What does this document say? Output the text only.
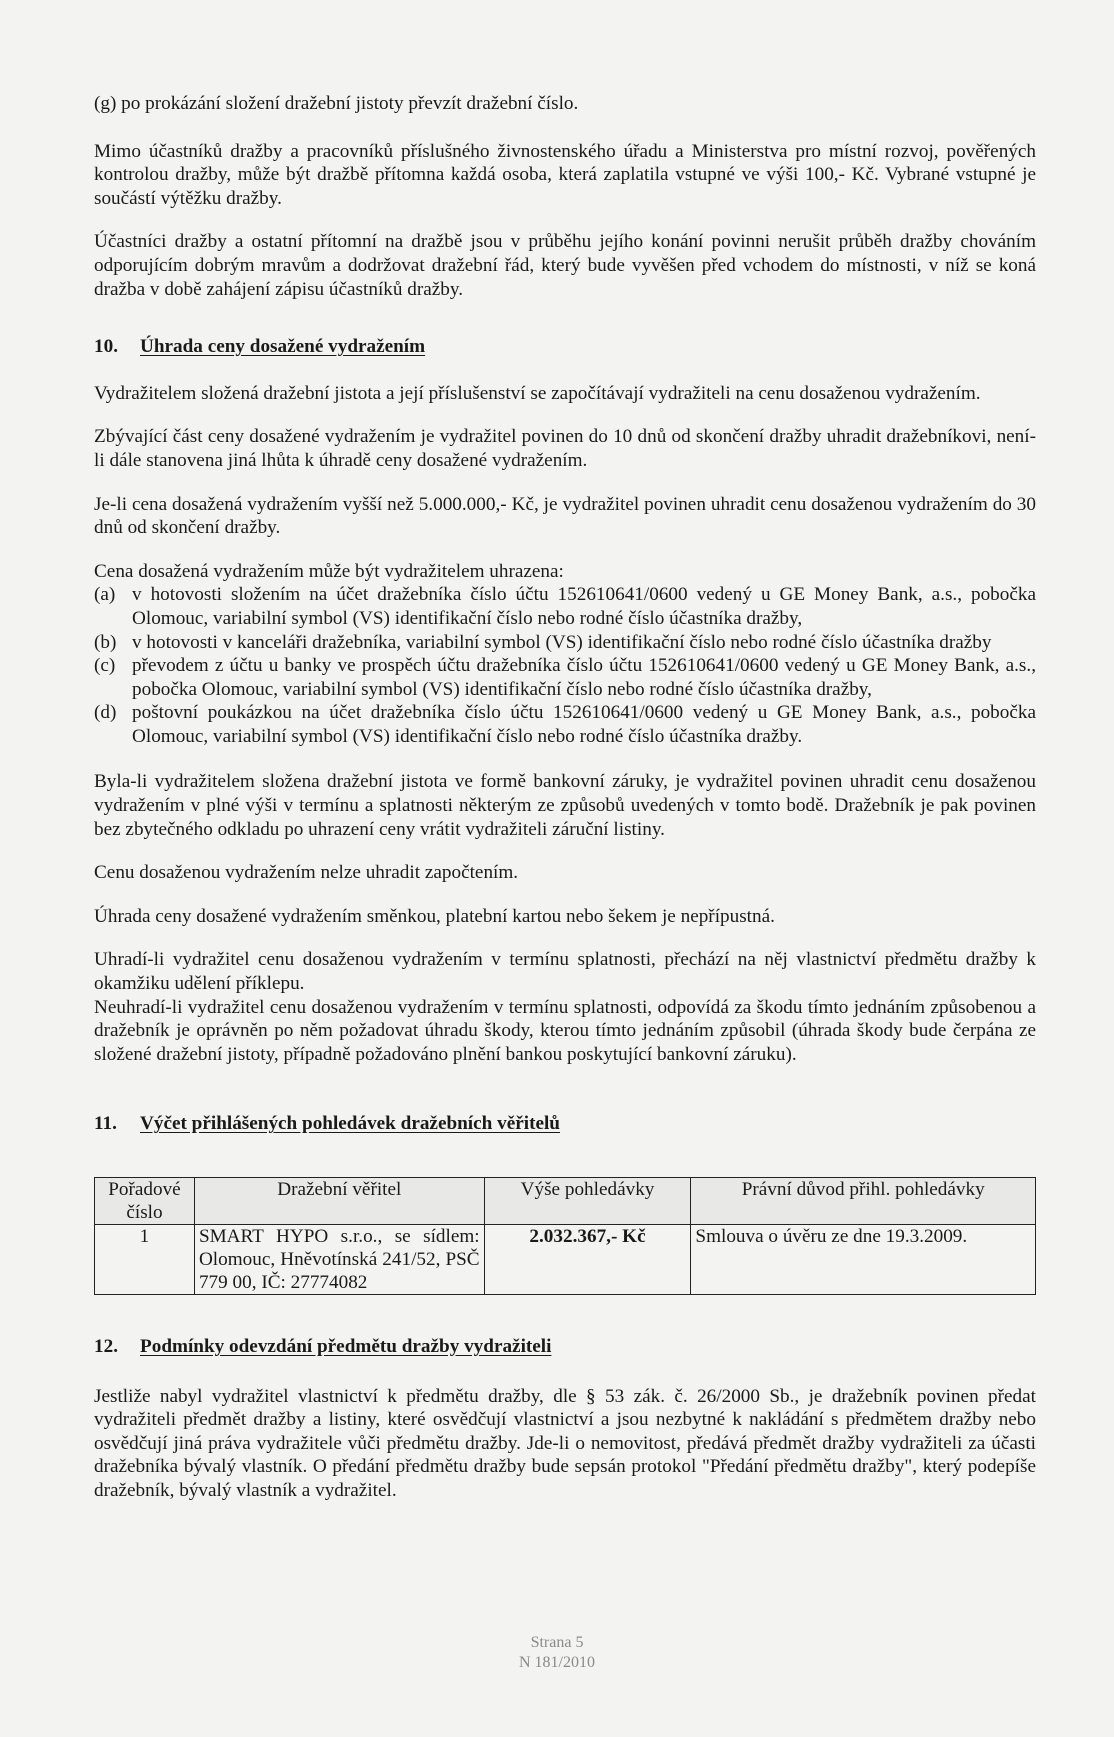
(g) po prokázání složení dražební jistoty převzít dražební číslo.

Mimo účastníků dražby a pracovníků příslušného živnostenského úřadu a Ministerstva pro místní rozvoj, pověřených kontrolou dražby, může být dražbě přítomna každá osoba, která zaplatila vstupné ve výši 100,- Kč. Vybrané vstupné je součástí výtěžku dražby.

Účastníci dražby a ostatní přítomní na dražbě jsou v průběhu jejího konání povinni nerušit průběh dražby chováním odporujícím dobrým mravům a dodržovat dražební řád, který bude vyvěšen před vchodem do místnosti, v níž se koná dražba v době zahájení zápisu účastníků dražby.

10.	Úhrada ceny dosažené vydražením

Vydražitelem složená dražební jistota a její příslušenství se započítávají vydražiteli na cenu dosaženou vydražením.

Zbývající část ceny dosažené vydražením je vydražitel povinen do 10 dnů od skončení dražby uhradit dražebníkovi, není-li dále stanovena jiná lhůta k úhradě ceny dosažené vydražením.

Je-li cena dosažená vydražením vyšší než 5.000.000,- Kč, je vydražitel povinen uhradit cenu dosaženou vydražením do 30 dnů od skončení dražby.

Cena dosažená vydražením může být vydražitelem uhrazena:

(a) v hotovosti složením na účet dražebníka číslo účtu 152610641/0600 vedený u GE Money Bank, a.s., pobočka Olomouc, variabilní symbol (VS) identifikační číslo nebo rodné číslo účastníka dražby,
(b) v hotovosti v kanceláři dražebníka, variabilní symbol (VS) identifikační číslo nebo rodné číslo účastníka dražby
(c) převodem z účtu u banky ve prospěch účtu dražebníka číslo účtu 152610641/0600 vedený u GE Money Bank, a.s., pobočka Olomouc, variabilní symbol (VS) identifikační číslo nebo rodné číslo účastníka dražby,
(d) poštovní poukázkou na účet dražebníka číslo účtu 152610641/0600 vedený u GE Money Bank, a.s., pobočka Olomouc, variabilní symbol (VS) identifikační číslo nebo rodné číslo účastníka dražby.

Byla-li vydražitelem složena dražební jistota ve formě bankovní záruky, je vydražitel povinen uhradit cenu dosaženou vydražením v plné výši v termínu a splatnosti některým ze způsobů uvedených v tomto bodě. Dražebník je pak povinen bez zbytečného odkladu po uhrazení ceny vrátit vydražiteli záruční listiny.

Cenu dosaženou vydražením nelze uhradit započtením.

Úhrada ceny dosažené vydražením směnkou, platební kartou nebo šekem je nepřípustná.

Uhradí-li vydražitel cenu dosaženou vydražením v termínu splatnosti, přechází na něj vlastnictví předmětu dražby k okamžiku udělení příklepu.

Neuhradí-li vydražitel cenu dosaženou vydražením v termínu splatnosti, odpovídá za škodu tímto jednáním způsobenou a dražebník je oprávněn po něm požadovat úhradu škody, kterou tímto jednáním způsobil (úhrada škody bude čerpána ze složené dražební jistoty, případně požadováno plnění bankou poskytující bankovní záruku).

11.	Výčet přihlášených pohledávek dražebních věřitelů
Pořadové číslo	Dražební věřitel	Výše pohledávky	Právní důvod přihl. pohledávky
1	SMART HYPO s.r.o., se sídlem: Olomouc, Hněvotínská 241/52, PSČ 779 00, IČ: 27774082	2.032.367,- Kč	Smlouva o úvěru ze dne 19.3.2009.
12.	Podmínky odevzdání předmětu dražby vydražiteli

Jestliže nabyl vydražitel vlastnictví k předmětu dražby, dle § 53 zák. č. 26/2000 Sb., je dražebník povinen předat vydražiteli předmět dražby a listiny, které osvědčují vlastnictví a jsou nezbytné k nakládání s předmětem dražby nebo osvědčují jiná práva vydražitele vůči předmětu dražby. Jde-li o nemovitost, předává předmět dražby vydražiteli za účasti dražebníka bývalý vlastník. O předání předmětu dražby bude sepsán protokol "Předání předmětu dražby", který podepíše dražebník, bývalý vlastník a vydražitel.

Strana 5
N 181/2010
